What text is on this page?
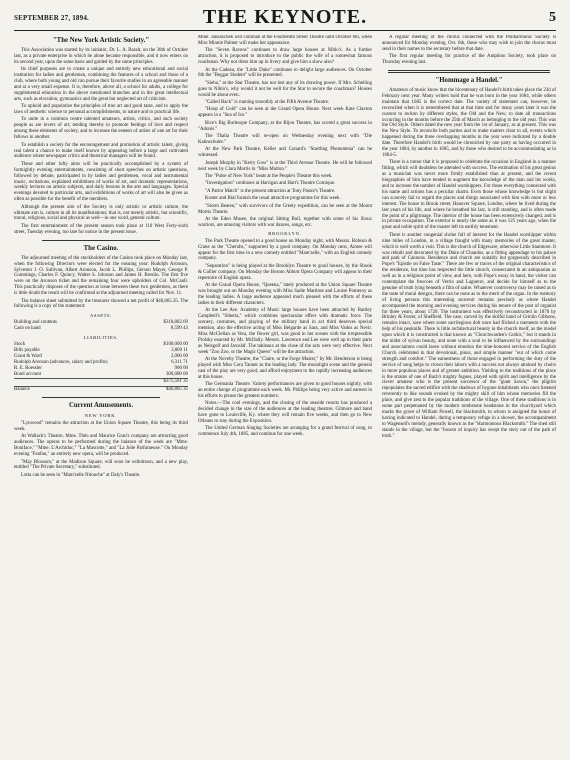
SEPTEMBER 27, 1894.	THE KEYNOTE.	5
"The New York Artistic Society."

This Association was started by its initiator, Dr. L. A. Baralt, on the 30th of October last, as a private enterprise in which he alone became responsible, and it now enters on its second year, upon the same basis and guided by the same principles.

Its chief purposes are to create a unique and entirely new educational and social institution for ladies and gentlemen, combining the features of a school and those of a club, where both young and old can pursue their favorite studies in an agreeable manner and at a very small expense. It is, therefore, above all, a school for adults, a college for supplemental education in the above mentioned branches and in the great intellectual arts, such as elocution, gymnastics and the great but neglected art of criticism.

To uphold and popularize the principles of true art and good taste, and to apply the laws of aesthetic science to personal accomplishments, to nature and to practical life.

To unite in a common centre talented amateurs, artists, critics, and such society people as are lovers of art; tending thereby to promote feelings of love and respect among these elements of society, and to increase the esteem of artists of one art for their fellows in another.

To establish a society for the encouragement and promotion of artistic talent, giving real talent a chance to make itself known by appearing before a large and cultivated audience where newspaper critics and theatrical managers will be found.

These and other lofty aims will be practically accomplished by a system of fortnightly evening entertainments, consisting of short speeches on artistic questions, followed by debate, participated in by ladies and gentlemen, vocal and instrumental music, recitations, explained exhibitions of works of art, and dramatic representations, weekly lectures on artistic subjects, and daily lessons in the arts and languages. Special evenings devoted to particular arts, and exhibitions of works of art will also be given as often as possible for the benefit of the members.

Although the present aim of the Society is only artistic or artistic culture, the ultimate aim is, culture in all its manifestations; that is, not merely artistic, but scientific, moral, religious, social and physical as well—in one word, general culture.

The first entertainment of the present season took place at 110 West Forty-sixth street, Tuesday evening, too late for notice in the present issue.

The Casino.

The adjourned meeting of the stockholders of the Casino took place on Monday last, when the following Directors were elected for the ensuing year: Rudolph Aronson, Sylvester J. O. Sullivan, Albert Aronson, Jacob L. Phillips, Gerson Mayer, George P. Cummings, Charles F. Quincy, Walter S. Johnson and James H. Breslin. The first five were on the Aronson ticket and the remaining four were upholders of Col. McCaull. This practically disposes of the question at issue between these two gentlemen, as there is little doubt the result will be confirmed at the adjourned meeting called for Nov. 11.

The balance sheet submitted by the treasurer showed a net profit of $46,865.35. The following is a copy of the statement:

ASSETS.
Building and contents	$318,882.69
Cash on hand	8,599 43
LIABILITIES.
Stock	$100,000 00
Bills payable	3,800 11
Grant & Ward	2,000 00
Rudolph Aronson (advances, salary and profits)	6,311 71
R. E. Roessler	900 00
Bond account	300,000 00
$375,561 35
Balance	$46,865 35
Current Amusements.
NEW YORK.

"Lynwood" remains the attraction at the Union Square Theatre, this being its third week.

At Wallack's Theatre, Mme. Théo and Maurice Grau's company are attracting good audiences. The operas to be performed during the balance of the week are "Mme. Boniface," "Mme. L'Archiduc," "La Mascotte," and "La Jolie Parfumeuse." On Monday evening "Fanfan," an entirely new opera, will be produced.

"May Blossom," at the Madison Square, will soon be withdrawn, and a new play, entitled "The Private Secretary," substituted.

Lotta can be seen in "Mam'zelle Nitouche" at Daly's Theatre.

Mme. Janauschek will continue at the Fourteenth Street Theatre until October 6th, when Miss Minnie Palmer will make her appearance.

The "Seven Ravens" continues to draw large houses at Niblo's. As a further attraction, it is proposed to introduce to the public the wife of a somewhat famous coachman. Why not dress him up in livery and give him a show also?

At the Cadeau, the "Little Duke" continues to delight large audiences. On October 6th the "Beggar Student" will be presented.

"Sieba," at the Star Theatre, has not lost any of its drawing power. If Mrs. Schelling goes to Niblo's, why would it not be well for the Star to secure the coachman? Houses would be about even.

"Called Back" is running smoothly at the Fifth Avenue Theatre.

"Hoop of Gold" can be seen at the Grand Opera House. Next week Kate Claxton appears in a "Sea of Ice."

Rice's Big Burlesque Company, at the Bijou Theatre, has scored a great success in "Adonis."

The Thalia Theatre will re-open on Wednesday evening next with "Die Katinschuler."

At the New Park Theatre, Keller and Cunard's "Startling Phenomena" can be witnessed.

Joseph Murphy in "Kerry Gow" is at the Third Avenue Theatre. He will be followed next week by Clara Morris in "Miss Multon."

The "Pulse of New York" beats at the People's Theatre this week.

"Investigation" continues at Harrigan and Hart's Theatre Comique.

"A Parlor Match" is the present attraction at Tony Pastor's Theatre.

Koster and Bial furnish the usual attractive programme for this week.

"Storm Beaten," with survivors of the Greely expedition, can be seen at the Mount Morris Theatre.

At the Eden Musee, the original Sitting Bull, together with some of his Sioux warriors, are amusing visitors with war dances, songs, etc.

BROOKLYN.

The Park Theatre opened to a good house on Monday night, with Messrs. Robson & Crane as the "Cherubs," supported by a good company. On Monday next, Aimee will appear for the first time in a new comedy entitled "Mam'zelle," with an English comedy company.

"Separation" is being played at the Brooklyn Theatre to good houses, by the Shook & Collier company. On Monday the Boston Abbott Opera Company will appear in their repertoire of English opera.

At the Grand Opera House, "Queena," lately produced at the Union Square Theatre was brought out on Monday evening with Miss Sadie Martinot and Louise Pomeroy as the leading ladies. A large audience appeared much pleased with the efforts of these ladies in their different characters.

At the Lee Ave. Academy of Music large houses have been attracted by Bartley Campbell's "Siberia," which combines spectacular effect with dramatic force. The scenery, costumes, and playing of the military band in act third deserves special mention, also the effective acting of Miss Belgarde as Sara, and Miss Vadus as Nevir. Miss McClellan as Vera, the flower girl, was good in her scenes with the irrepressible Prolsky enacted by Mr. McDally. Messrs. Lawrence and Lee were well up in their parts as Nelsgolf and Jaroslaf. The tableaux at the close of the acts were very effective. Next week "Zoo Zoo, or the Magic Queen" will be the attraction.

At the Novelty Theatre, the "Claire, or the Forge Master," by Mr. Henderson is being played with Miss Cora Tanner as the leading lady. The moonlight scene and the general cast of the play are very good, and afford enjoyment to the rapidly increasing audiences at this house.

The Germania Theatre. Variety performances are given to good houses nightly, with an entire change of programme each week. Mr. Phillips being very active and earnest in his efforts to please the greatest numbers.

Notes.—The cool evenings, and the closing of the seaside resorts has produced a decided change in the size of the audiences at the leading theatres. Gilmore and band have gone to Louisville, Ky. where they will remain five weeks, and then go to New Orleans to stay during the Exposition.

The United German Singing Societies are arranging for a grand festival of song, to commence July 4th, 1885, and continue for one week.

A regular meeting of the chorus connected with the Philharmonic Society is announced for Monday evening, Oct. 6th, those who may wish to join the chorus must send in their names to the secretary before that date.

The first regular meeting for practice of the Amphion Society, took place on Thursday evening last.

"Hommage a Handel."

Amateurs of music know that the bicentenary of Handel's birth takes place the 23d of February next year. Many writers hold that he was born in the year 1684, while others maintain that 1685 is the correct date. The variety of statement can, however, be reconciled when it is remembered that at that time and for many years later it was the custom to reckon by different styles, the Old and the New; to date all transactions occurring in the months before the 25th of March as belonging to the old year. This was the Old Style. Others dated the new year from the 1st of January, as at present. This was the New Style. To reconcile both parties and to make matters clear to all, events which happened during the three overlapping months in the year were indicated by a double date. Therefore Handel's birth would be chronicled by one party as having occurred in the year 1684, by another in 1685, and by those who desired to be accommodating as in 1684-5.

There is a rumor that it is proposed to celebrate the occasion in England in a manner fitting, which will doubtless be attended with success. The estimation of his great genius as a musician was never more firmly established than at present, and the recent biographies of him have tended to augment the knowledge of the man and his works, and to increase the number of Handel worshippers. For those everything connected with his name and actions has a peculiar charm. Even those whose knowledge is but slight can scarcely fail to regard the places and things associated with him with more or less interest. The house in Brook street, Hanover Square, London, where he lived during the last years of his life, and where he breathed his last, is still standing, and is often made the point of a pilgrimage. The interior of the house has been extensively changed, and is in private occupation. The exterior is nearly the same as it was 125 years ago, when the great and noble spirit of the master left its earthly tenement.

There is another congenial shrine full of interest for the Handel worshipper within nine miles of London, in a village fraught with many memories of the great master, which is well worth a visit. This is the church of Edgeware, otherwise Little Stanmore. It was rebuilt and decorated by the Duke of Chandos, as a fitting appendage to his palace and park of Cannons. Residence and church are suitably but gorgeously described in Pope's "Epistle on False Taste." There are few or traces of the original characteristics of the residence, but time has respected the little church, consecrated in an antiquarian as well as in a religious point of view, and here, with Pope's essay in hand, the visitor can contemplate the frescoes of Verrio and Laguerre, and decide for himself as to the genuine of truth lying beneath a film of satire. Whatever controversy may be raised as to the taste of mural designs, there can be none as to the merit of the organ. In the memory of living persons this interesting souvenir remains precisely as where Handel accompanied the morning and evening services during his tenure of the post of organist for three years, about 1720. The instrument was effectively reconstructed in 1878 by Brinley & Foster, of Sheffield. The case, carved by the skilful hand of Grinlin Gibbons, remains intact, save where some sacrilegious dolt once had filched a memento with the help of his penknife. There is little architectural beauty in the church itself, as the model upon which it is constructed is that known as "Churchwarden's Gothic," but it stands in the midst of sylvan beauty, and none with a soul to be influenced by the surroundings and associations could leave without emotion the time-honored service of the English Church celebrated in that devotional, pious, and simple manner "out of which come strength and comfort." The earnestness of those engaged in performing the duty of the service of song helps to crown their labors with a success not always attained by choirs in more populous places and of greater ambition. Yielding to the traditions of the place is the strains of one of Bach's mighty fugues, played with spirit and intelligence by the clever amateur who is the present successor of the "giant Saxon," the pilgrim repopulates the sacred edifice with the shadows of bygone inhabitants who once listened reverently to like sounds evoked by the mighty skill of him whose memories fill the place, and give zest to the popular traditions of the village. One of these traditions is in some part perpetuated by the modern tombstone headstone in the churchyard which marks the grave of William Powell, the blacksmith, to whom is assigned the honor of having indicated to Handel, during a temporary refuge in a shower, the accompaniment to Wagenseil's melody, generally known as the "Harmonious Blacksmith." The shed still stands in the village, but the "bosom of inquiry has swept the story out of the path of truth."
